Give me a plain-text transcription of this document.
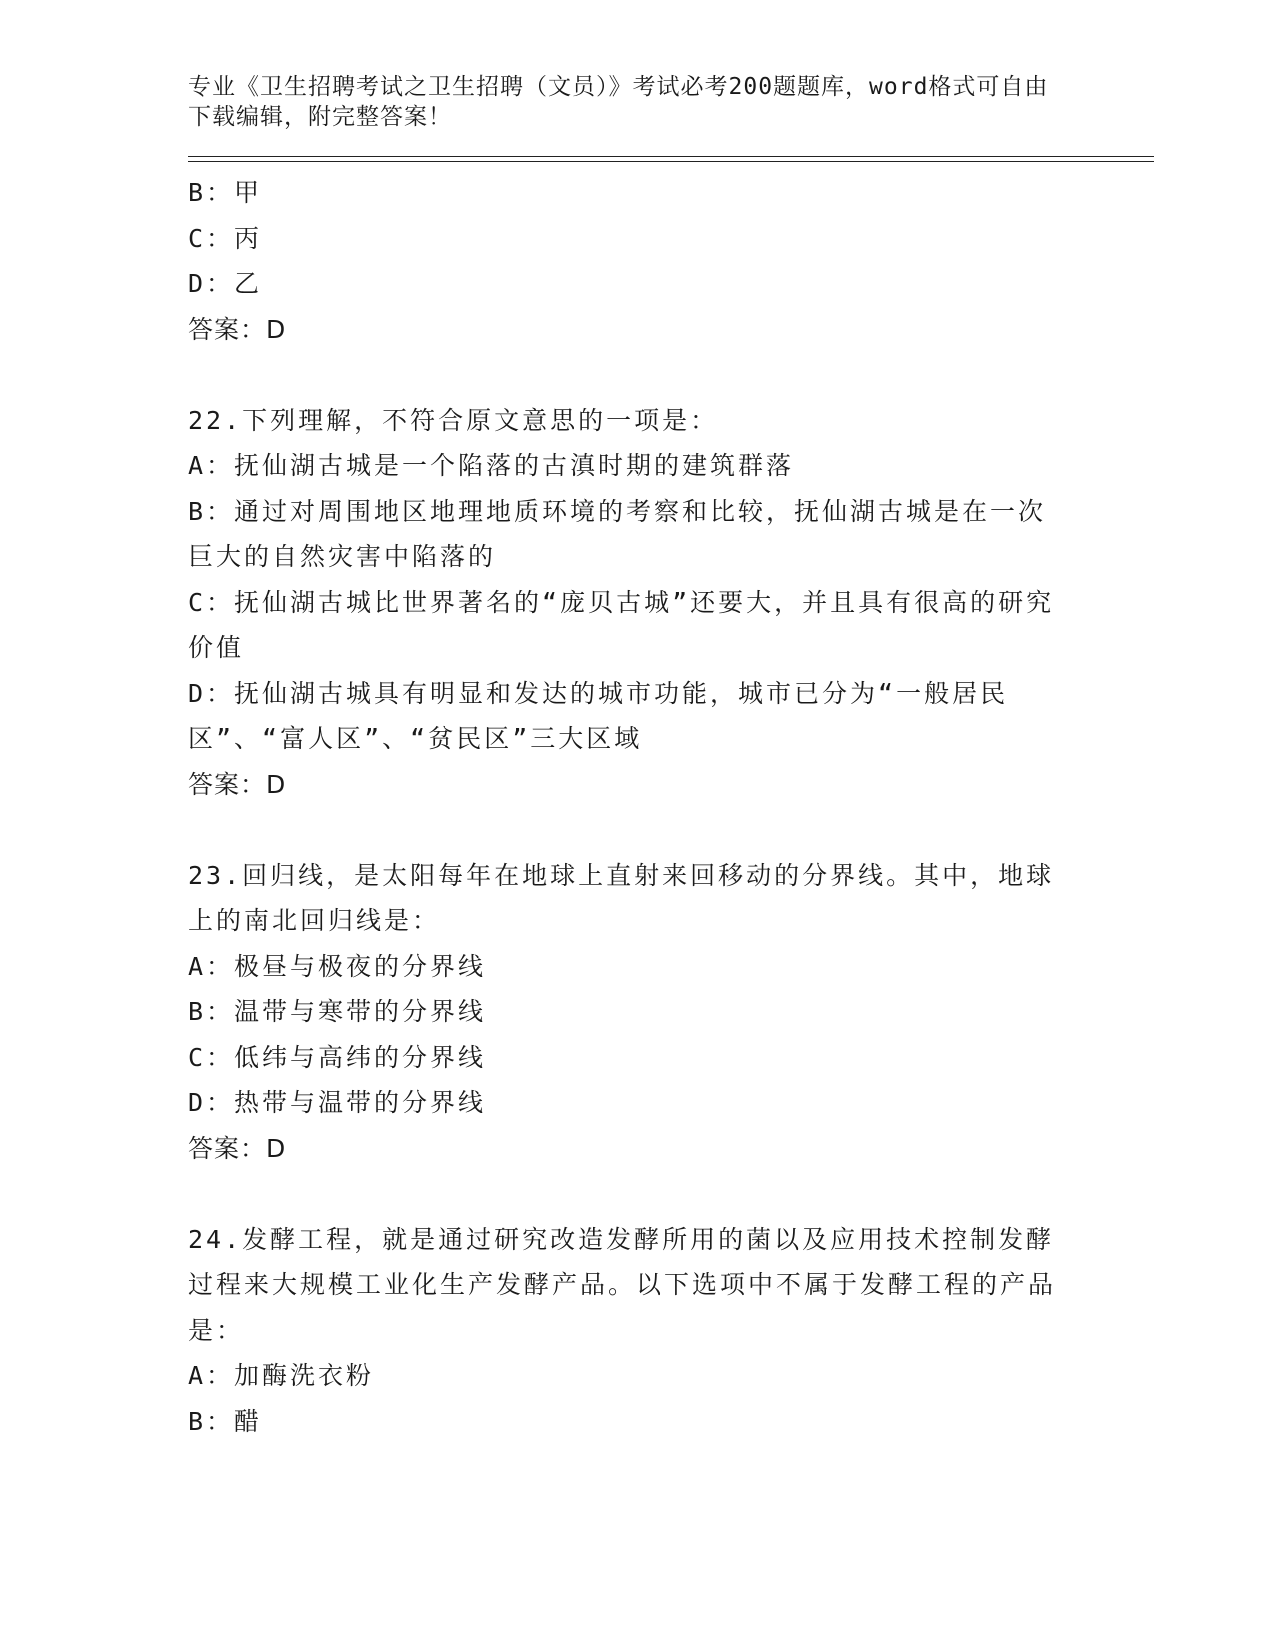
专业《卫生招聘考试之卫生招聘（文员）》考试必考200题题库，word格式可自由下载编辑，附完整答案！
B：甲
C：丙
D：乙
答案：D
22.下列理解，不符合原文意思的一项是：
A：抚仙湖古城是一个陷落的古滇时期的建筑群落
B：通过对周围地区地理地质环境的考察和比较，抚仙湖古城是在一次巨大的自然灾害中陷落的
C：抚仙湖古城比世界著名的“庞贝古城”还要大，并且具有很高的研究价值
D：抚仙湖古城具有明显和发达的城市功能，城市已分为“一般居民区”、“富人区”、“贫民区”三大区域
答案：D
23.回归线，是太阳每年在地球上直射来回移动的分界线。其中，地球上的南北回归线是：
A：极昼与极夜的分界线
B：温带与寒带的分界线
C：低纬与高纬的分界线
D：热带与温带的分界线
答案：D
24.发酵工程，就是通过研究改造发酵所用的菌以及应用技术控制发酵过程来大规模工业化生产发酵产品。以下选项中不属于发酵工程的产品是：
A：加酶洗衣粉
B：醋
